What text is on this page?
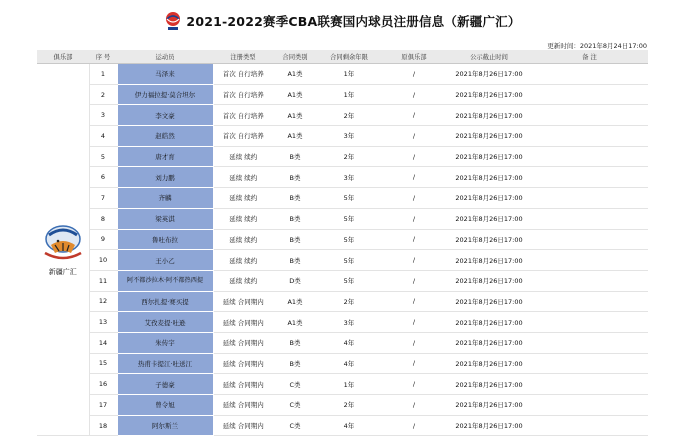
2021-2022赛季CBA联赛国内球员注册信息（新疆广汇）
更新时间：2021年8月24日17:00
俱乐部	序 号	运动员	注册类型	合同类别	合同剩余年限	原俱乐部	公示截止时间	备 注

新疆广汇	1	马泽来	首次 自行培养	A1类	1年	/	2021年8月26日17:00	
	2	伊力福拉提·莫合坦尔	首次 自行培养	A1类	1年	/	2021年8月26日17:00	
	3	李文豪	首次 自行培养	A1类	2年	/	2021年8月26日17:00	
	4	赵皓然	首次 自行培养	A1类	3年	/	2021年8月26日17:00	
	5	唐才育	延续 续约	B类	2年	/	2021年8月26日17:00	
	6	刘力鹏	延续 续约	B类	3年	/	2021年8月26日17:00	
	7	齐麟	延续 续约	B类	5年	/	2021年8月26日17:00	
	8	梁英淇	延续 续约	B类	5年	/	2021年8月26日17:00	
	9	鲁吐布拉	延续 续约	B类	5年	/	2021年8月26日17:00	
	10	王小乙	延续 续约	B类	5年	/	2021年8月26日17:00	
	11	阿不都沙拉木·阿不都热西提	延续 续约	D类	5年	/	2021年8月26日17:00	
	12	西尔扎提·赛买提	延续 合同期内	A1类	2年	/	2021年8月26日17:00	
	13	艾孜麦提·吐逊	延续 合同期内	A1类	3年	/	2021年8月26日17:00	
	14	朱传宇	延续 合同期内	B类	4年	/	2021年8月26日17:00	
	15	热甫卡提江·吐送江	延续 合同期内	B类	4年	/	2021年8月26日17:00	
	16	子德豪	延续 合同期内	C类	1年	/	2021年8月26日17:00	
	17	曾令旭	延续 合同期内	C类	2年	/	2021年8月26日17:00	
	18	阿尔斯兰	延续 合同期内	C类	4年	/	2021年8月26日17:00	
